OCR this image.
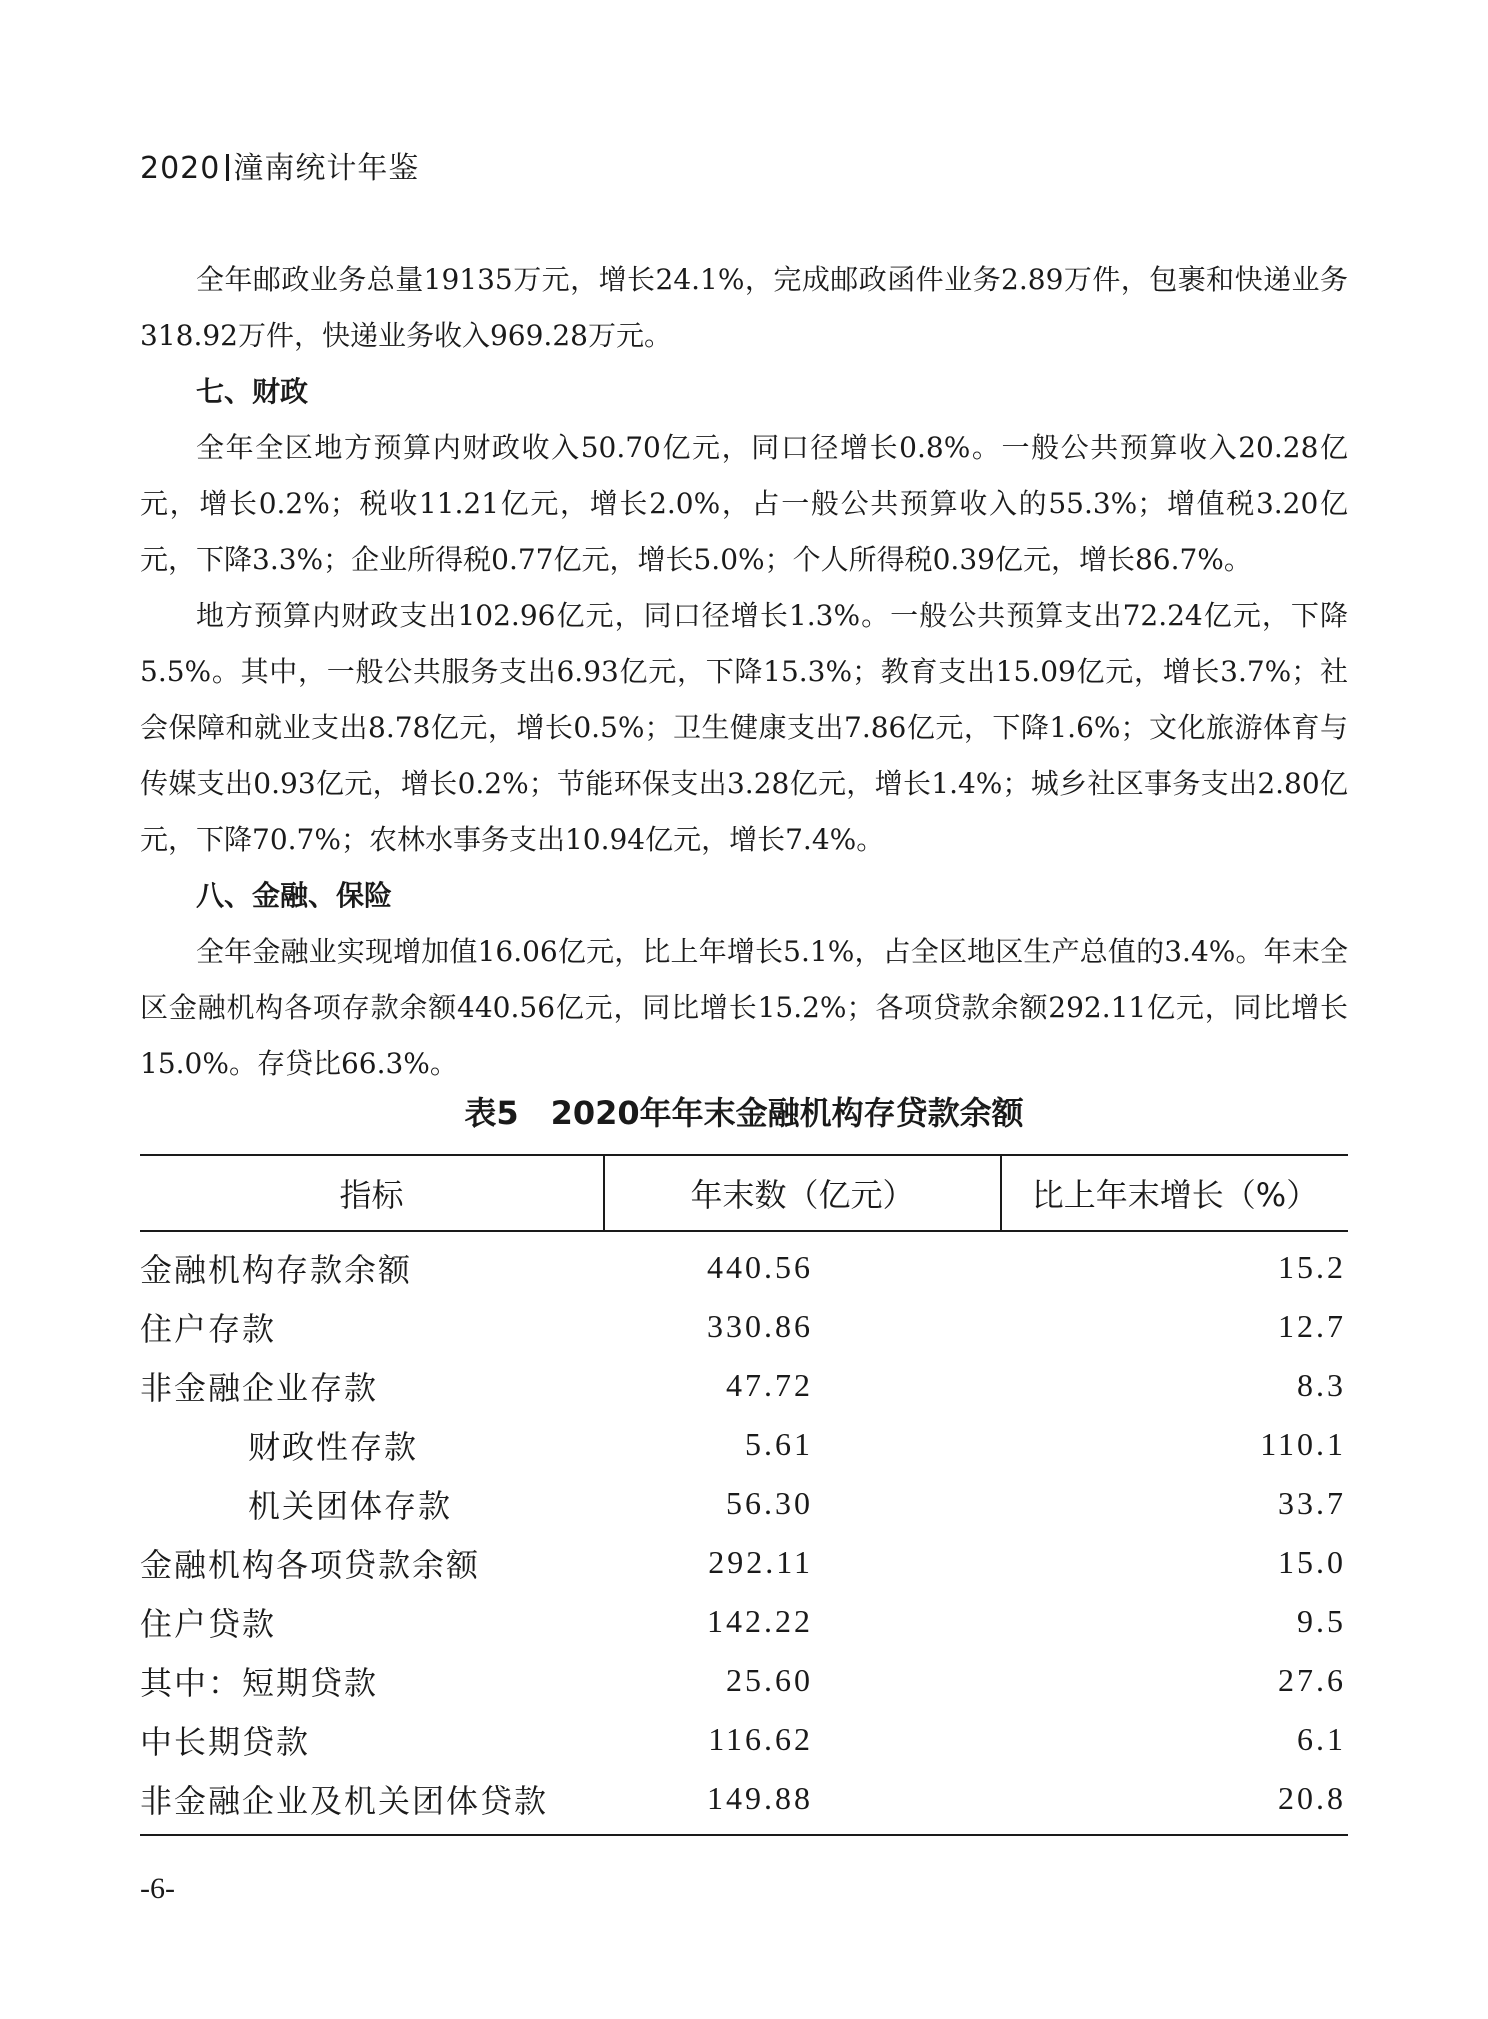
2020 潼南统计年鉴

全年邮政业务总量19135万元，增长24.1%，完成邮政函件业务2.89万件，包裹和快递业务318.92万件，快递业务收入969.28万元。

七、财政

全年全区地方预算内财政收入50.70亿元，同口径增长0.8%。一般公共预算收入20.28亿元，增长0.2%；税收11.21亿元，增长2.0%，占一般公共预算收入的55.3%；增值税3.20亿元，下降3.3%；企业所得税0.77亿元，增长5.0%；个人所得税0.39亿元，增长86.7%。

地方预算内财政支出102.96亿元，同口径增长1.3%。一般公共预算支出72.24亿元，下降5.5%。其中，一般公共服务支出6.93亿元，下降15.3%；教育支出15.09亿元，增长3.7%；社会保障和就业支出8.78亿元，增长0.5%；卫生健康支出7.86亿元，下降1.6%；文化旅游体育与传媒支出0.93亿元，增长0.2%；节能环保支出3.28亿元，增长1.4%；城乡社区事务支出2.80亿元，下降70.7%；农林水事务支出10.94亿元，增长7.4%。

八、金融、保险

全年金融业实现增加值16.06亿元，比上年增长5.1%，占全区地区生产总值的3.4%。年末全区金融机构各项存款余额440.56亿元，同比增长15.2%；各项贷款余额292.11亿元，同比增长15.0%。存贷比66.3%。

表5　2020年年末金融机构存贷款余额
指标	年末数（亿元）	比上年末增长（%）
金融机构存款余额	440.56	15.2
住户存款	330.86	12.7
非金融企业存款	47.72	8.3
财政性存款	5.61	110.1
机关团体存款	56.30	33.7
金融机构各项贷款余额	292.11	15.0
住户贷款	142.22	9.5
其中：短期贷款	25.60	27.6
中长期贷款	116.62	6.1
非金融企业及机关团体贷款	149.88	20.8
-6-
